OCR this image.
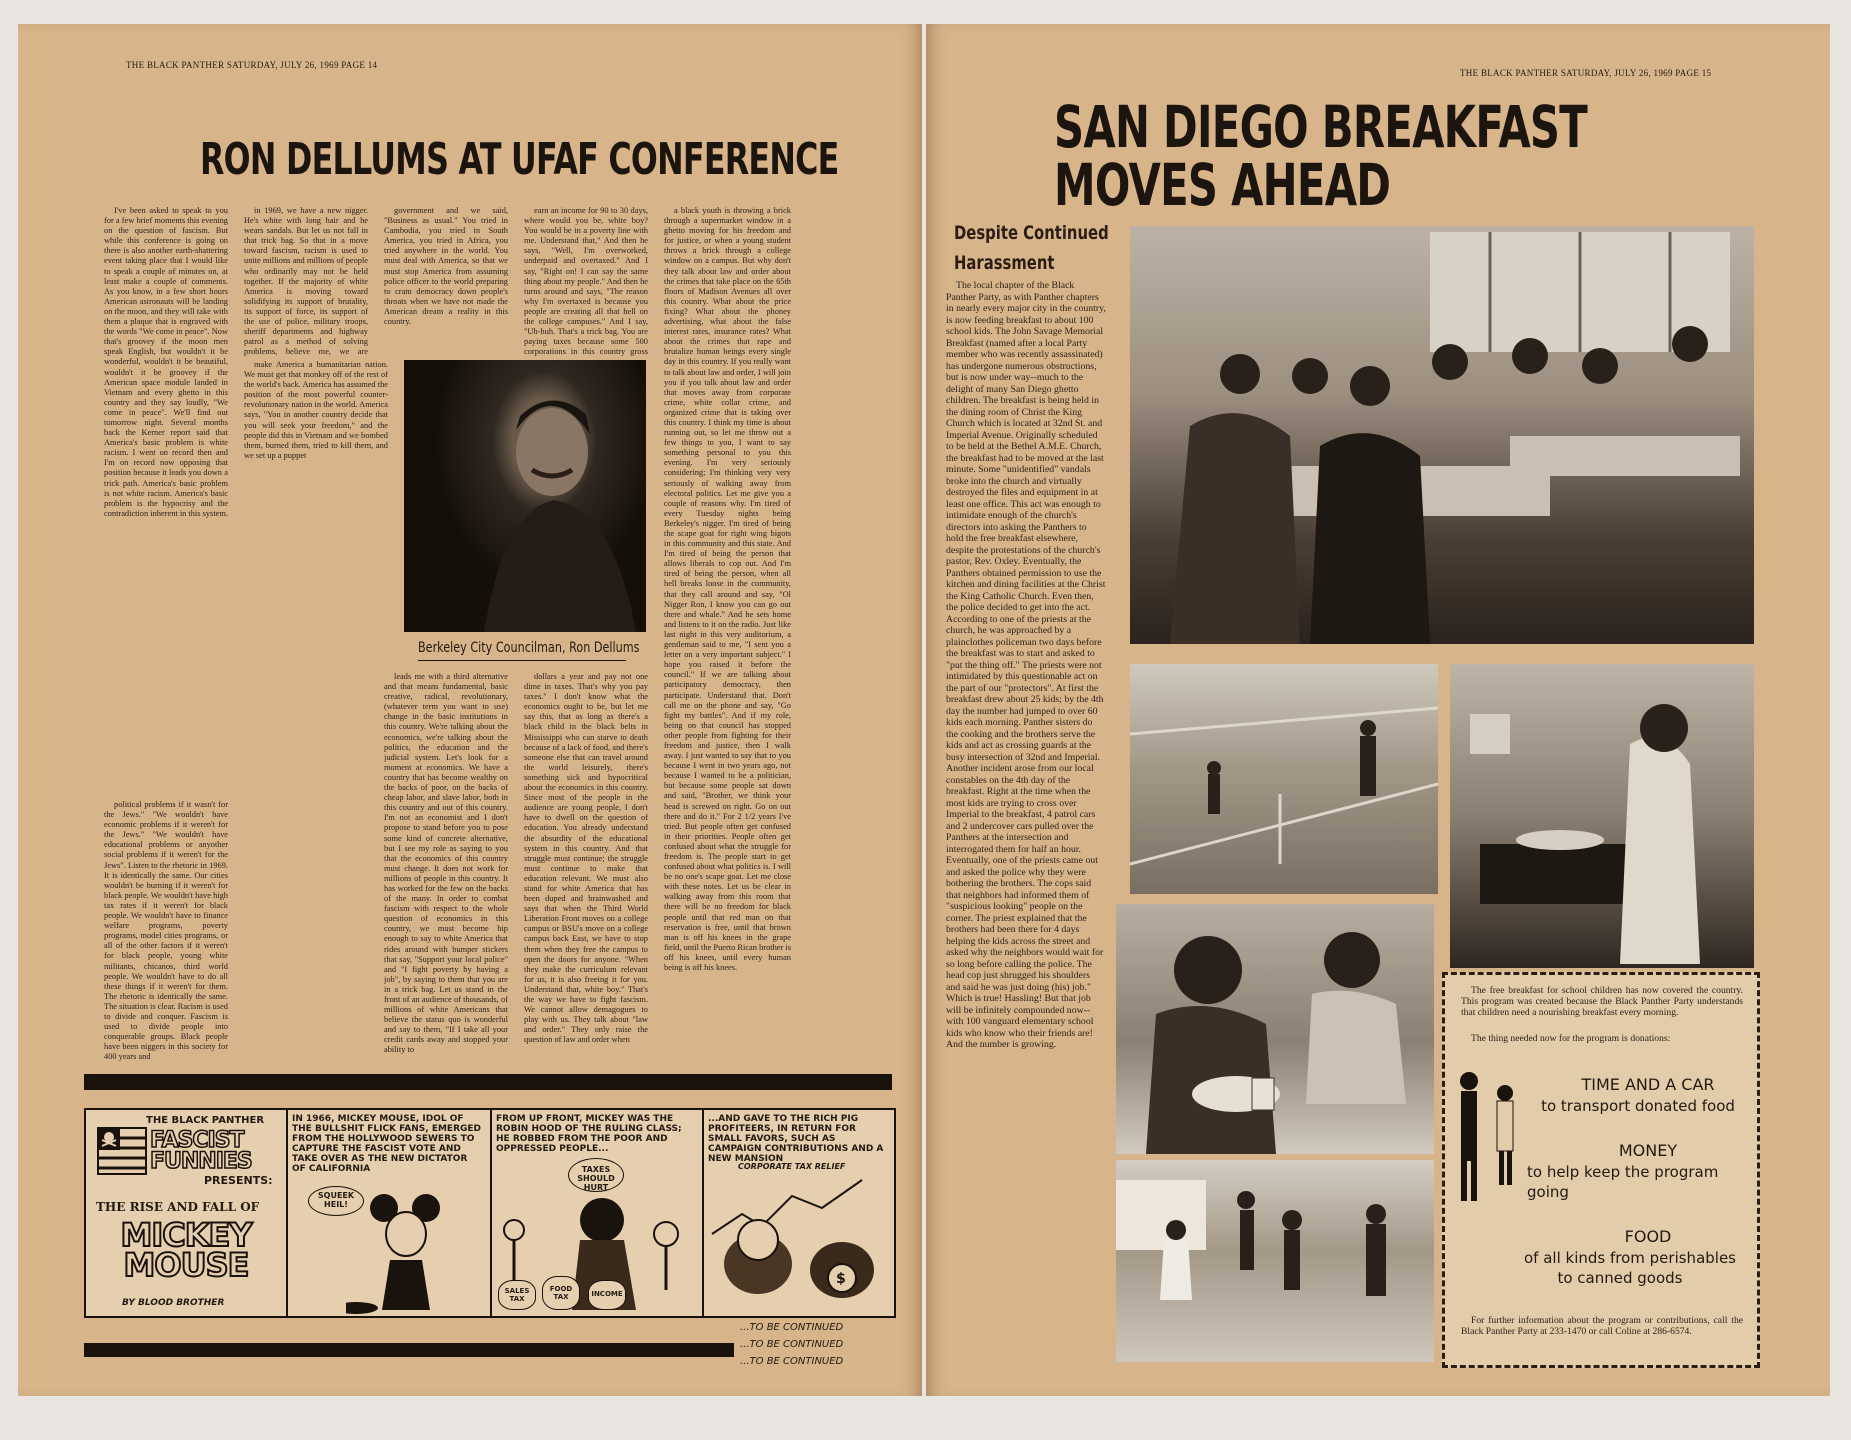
THE BLACK PANTHER SATURDAY, JULY 26, 1969 PAGE 14
RON DELLUMS AT UFAF CONFERENCE

I've been asked to speak to you for a few brief moments this evening on the question of fascism. But while this conference is going on there is also another earth-shattering event taking place that I would like to speak a couple of minutes on, at least make a couple of comments. As you know, in a few short hours American astronauts will be landing on the moon, and they will take with them a plaque that is engraved with the words "We come in peace". Now that's groovey if the moon men speak English, but wouldn't it be wonderful, wouldn't it be beautiful, wouldn't it be groovey if the American space module landed in Vietnam and every ghetto in this country and they say loudly, "We come in peace". We'll find out tomorrow night. Several months back the Kerner report said that America's basic problem is white racism. I went on record then and I'm on record now opposing that position because it leads you down a trick path. America's basic problem is not white racism. America's basic problem is the hypocrisy and the contradiction inherent in this system.

in 1969, we have a new nigger. He's white with long hair and he wears sandals. But let us not fall in that trick bag. So that in a move toward fascism, racism is used to unite millions and millions of people who ordinarily may not be held together. If the majority of white America is moving toward solidifying its support of brutality, its support of force, its support of the use of police, military troops, sheriff departments and highway patrol as a method of solving problems, believe me, we are

government and we said, "Business as usual." You tried in Cambodia, you tried in South America, you tried in Africa, you tried anywhere in the world. You must deal with America, so that we must stop America from assuming police officer to the world preparing to cram democracy down people's throats when we have not made the American dream a reality in this country.

earn an income for 90 to 30 days, where would you be, white boy? You would be in a poverty line with me. Understand that," And then he says, "Well, I'm overworked, underpaid and overtaxed." And I say, "Right on! I can say the same thing about my people." And then he turns around and says, "The reason why I'm overtaxed is because you people are creating all that hell on the college campuses." And I say, "Uh-huh. That's a trick bag. You are paying taxes because some 500 corporations in this country gross

a black youth is throwing a brick through a supermarket window in a ghetto moving for his freedom and for justice, or when a young student throws a brick through a college window on a campus. But why don't they talk about law and order about the crimes that take place on the 65th floors of Madison Avenues all over this country. What about the price fixing? What about the phoney advertising, what about the false interest rates, insurance rates? What about the crimes that rape and brutalize human beings every single day in this country. If you really want to talk about law and order, I will join you if you talk about law and order that moves away from corporate crime, white collar crime, and organized crime that is taking over this country. I think my time is about running out, so let me throw out a few things to you, I want to say something personal to you this evening. I'm very seriously considering; I'm thinking very very seriously of walking away from electoral politics. Let me give you a couple of reasons why. I'm tired of every Tuesday nights being Berkeley's nigger. I'm tired of being the scape goat for right wing bigots in this community and this state. And I'm tired of being the person that allows liberals to cop out. And I'm tired of being the person, when all hell breaks loose in the community, that they call around and say, "Ol Nigger Ron, I know you can go out there and whale." And he sets home and listens to it on the radio. Just like last night in this very auditorium, a gentleman said to me, "I sent you a letter on a very important subject." I hope you raised it before the council." If we are talking about participatory democracy, then participate. Understand that. Don't call me on the phone and say, "Go fight my battles". And if my role, being on that council has stopped other people from fighting for their freedom and justice, then I walk away. I just wanted to say that to you because I went in two years ago, not because I wanted to be a politician, but because some people sat down and said, "Brother, we think your head is screwed on right. Go on out there and do it." For 2 1/2 years I've tried. But people often get confused in their priorities. People often get confused about what the struggle for freedom is. The people start to get confused about what politics is. I will be no one's scape goat. Let me close with these notes. Let us be clear in walking away from this room that there will be no freedom for black people until that red man on that reservation is free, until that brown man is off his knees in the grape field, until the Puerto Rican brother is off his knees, until every human being is off his knees.

Berkeley City Councilman, Ron Dellums

political problems if it wasn't for the Jews." "We wouldn't have economic problems if it weren't for the Jews." "We wouldn't have educational problems or anyother social problems if it weren't for the Jews". Listen to the rhetoric in 1969. It is identically the same. Our cities wouldn't be burning if it weren't for black people. We wouldn't have high tax rates if it weren't for black people. We wouldn't have to finance welfare programs, poverty programs, model cities programs, or all of the other factors if it weren't for black people, young white militants, chicanos, third world people. We wouldn't have to do all these things if it weren't for them. The rhetoric is identically the same. The situation is clear. Racism is used to divide and conquer. Fascism is used to divide people into conquerable groups. Black people have been niggers in this society for 400 years and

make America a humanitarian nation. We must get that monkey off of the rest of the world's back. America has assumed the position of the most powerful counter-revolutionary nation in the world. America says, "You in another country decide that you will seek your freedom," and the people did this in Vietnam and we bombed them, burned them, tried to kill them, and we set up a puppet

leads me with a third alternative and that means fundamental, basic creative, radical, revolutionary, (whatever term you want to use) change in the basic institutions in this country. We're talking about the economics, we're talking about the politics, the education and the judicial system. Let's look for a moment at economics. We have a country that has become wealthy on the backs of poor, on the backs of cheap labor, and slave labor, both in this country and out of this country. I'm not an economist and I don't propose to stand before you to pose some kind of concrete alternative, but I see my role as saying to you that the economics of this country must change. It does not work for millions of people in this country. It has worked for the few on the backs of the many. In order to combat fascism with respect to the whole question of economics in this country, we must become hip enough to say to white America that rides around with bumper stickers that say, "Support your local police" and "I fight poverty by having a job", by saying to them that you are in a trick bag. Let us stand in the front of an audience of thousands, of millions of white Americans that believe the status quo is wonderful and say to them, "If I take all your credit cards away and stopped your ability to

dollars a year and pay not one dime in taxes. That's why you pay taxes." I don't know what the economics ought to be, but let me say this, that as long as there's a black child in the black belts in Mississippi who can starve to death because of a lack of food, and there's someone else that can travel around the world leisurely, there's something sick and hypocritical about the economics in this country. Since most of the people in the audience are young people, I don't have to dwell on the question of education. You already understand the absurdity of the educational system in this country. And that struggle must continue; the struggle must continue to make that education relevant. We must also stand for white America that has been duped and brainwashed and says that when the Third World Liberation Front moves on a college campus or BSU's move on a college campus back East, we have to stop them when they free the campus to open the doors for anyone. "When they make the curriculum relevant for us, it is also freeing it for you. Understand that, white boy." That's the way we have to fight fascism. We cannot allow demagogues to play with us. They talk about "law and order." They only raise the question of law and order when

THE BLACK PANTHER
FASCIST FUNNIES
PRESENTS:
THE RISE AND FALL OF
MICKEY MOUSE
BY BLOOD BROTHER
IN 1966, MICKEY MOUSE, IDOL OF THE BULLSHIT FLICK FANS, EMERGED FROM THE HOLLYWOOD SEWERS TO CAPTURE THE FASCIST VOTE AND TAKE OVER AS THE NEW DICTATOR OF CALIFORNIA
SQUEEK HEIL!
FROM UP FRONT, MICKEY WAS THE ROBIN HOOD OF THE RULING CLASS; HE ROBBED FROM THE POOR AND OPPRESSED PEOPLE...
TAXES SHOULD HURT
SALES TAX
FOOD TAX	INCOME
...AND GAVE TO THE RICH PIG PROFITEERS, IN RETURN FOR SMALL FAVORS, SUCH AS CAMPAIGN CONTRIBUTIONS AND A NEW MANSION
CORPORATE TAX RELIEF
$
...TO BE CONTINUED
...TO BE CONTINUED
...TO BE CONTINUED
THE BLACK PANTHER SATURDAY, JULY 26, 1969 PAGE 15
SAN DIEGO BREAKFAST
MOVES AHEAD
Despite Continued
Harassment

The local chapter of the Black Panther Party, as with Panther chapters in nearly every major city in the country, is now feeding breakfast to about 100 school kids. The John Savage Memorial Breakfast (named after a local Party member who was recently assassinated) has undergone numerous obstructions, but is now under way--much to the delight of many San Diego ghetto children. The breakfast is being held in the dining room of Christ the King Church which is located at 32nd St. and Imperial Avenue. Originally scheduled to be held at the Bethel A.M.E. Church, the breakfast had to be moved at the last minute. Some "unidentified" vandals broke into the church and virtually destroyed the files and equipment in at least one office. This act was enough to intimidate enough of the church's directors into asking the Panthers to hold the free breakfast elsewhere, despite the protestations of the church's pastor, Rev. Oxley. Eventually, the Panthers obtained permission to use the kitchen and dining facilities at the Christ the King Catholic Church. Even then, the police decided to get into the act. According to one of the priests at the church, he was approached by a plainclothes policeman two days before the breakfast was to start and asked to "put the thing off." The priests were not intimidated by this questionable act on the part of our "protectors". At first the breakfast drew about 25 kids; by the 4th day the number had jumped to over 60 kids each morning. Panther sisters do the cooking and the brothers serve the kids and act as crossing guards at the busy intersection of 32nd and Imperial. Another incident arose from our local constables on the 4th day of the breakfast. Right at the time when the most kids are trying to cross over Imperial to the breakfast, 4 patrol cars and 2 undercover cars pulled over the Panthers at the intersection and interrogated them for half an hour. Eventually, one of the priests came out and asked the police why they were bothering the brothers. The cops said that neighbors had informed them of "suspicious looking" people on the corner. The priest explained that the brothers had been there for 4 days helping the kids across the street and asked why the neighbors would wait for so long before calling the police. The head cop just shrugged his shoulders and said he was just doing (his) job." Which is true! Hassling! But that job will be infinitely compounded now--with 100 vanguard elementary school kids who know who their friends are! And the number is growing.

The free breakfast for school children has now covered the country. This program was created because the Black Panther Party understands that children need a nourishing breakfast every morning.

The thing needed now for the program is donations:

TIME AND A CAR
to transport donated food
MONEY
to help keep the program
going
FOOD
of all kinds from perishables
to canned goods

For further information about the program or contributions, call the Black Panther Party at 233-1470 or call Coline at 286-6574.
